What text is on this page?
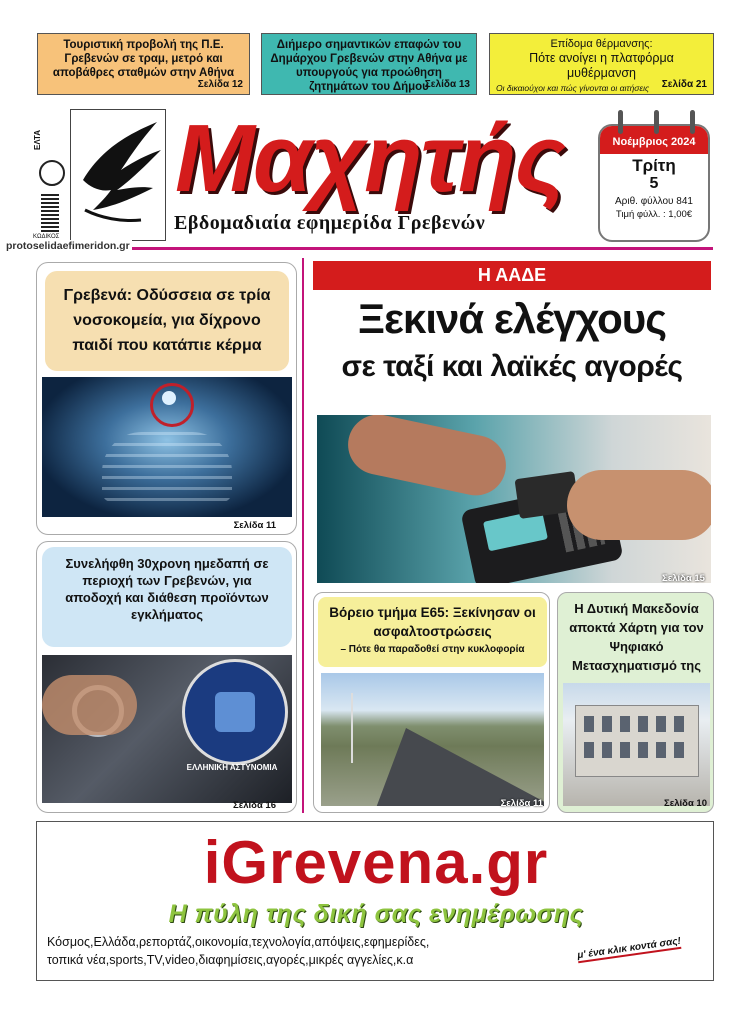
Τουριστική προβολή της Π.Ε. Γρεβενών σε τραμ, μετρό και αποβάθρες σταθμών στην Αθήνα
Σελίδα 12
Διήμερο σημαντικών επαφών του Δημάρχου Γρεβενών στην Αθήνα με υπουργούς για προώθηση ζητημάτων του Δήμου
Σελίδα 13
Επίδομα θέρμανσης:
Πότε ανοίγει η πλατφόρμα μυθέρμανση
Οι δικαιούχοι και πώς γίνονται οι αιτήσεις	Σελίδα 21
ΕΛΤΑ
ΚΩΔΙΚΟΣ
Μαχητής
Εβδομαδιαία εφημερίδα Γρεβενών
protoselidaefimeridon.gr
Νοέμβριος 2024
Τρίτη
5
Αριθ. φύλλου 841
Τιμή φύλλ. : 1,00€
Γρεβενά: Οδύσσεια σε τρία νοσοκομεία, για δίχρονο παιδί που κατάπιε κέρμα
Σελίδα 11
Συνελήφθη 30χρονη ημεδαπή σε περιοχή των Γρεβενών, για αποδοχή και διάθεση προϊόντων εγκλήματος
ΕΛΛΗΝΙΚΗ ΑΣΤΥΝΟΜΙΑ
Σελίδα 16
Η ΑΑΔΕ
Ξεκινά ελέγχους
σε ταξί και λαϊκές αγορές
Σελίδα 15
Βόρειο τμήμα Ε65: Ξεκίνησαν οι ασφαλτοστρώσεις
– Πότε θα παραδοθεί στην κυκλοφορία
Σελίδα 11
Η Δυτική Μακεδονία αποκτά Χάρτη για τον Ψηφιακό Μετασχηματισμό της
Σελίδα 10
iGrevena.gr
Η πύλη της δική σας ενημέρωσης
Κόσμος,Ελλάδα,ρεπορτάζ,οικονομία,τεχνολογία,απόψεις,εφημερίδες,
τοπικά νέα,sports,TV,video,διαφημίσεις,αγορές,μικρές αγγελίες,κ.α	μ' ένα κλικ κοντά σας!
